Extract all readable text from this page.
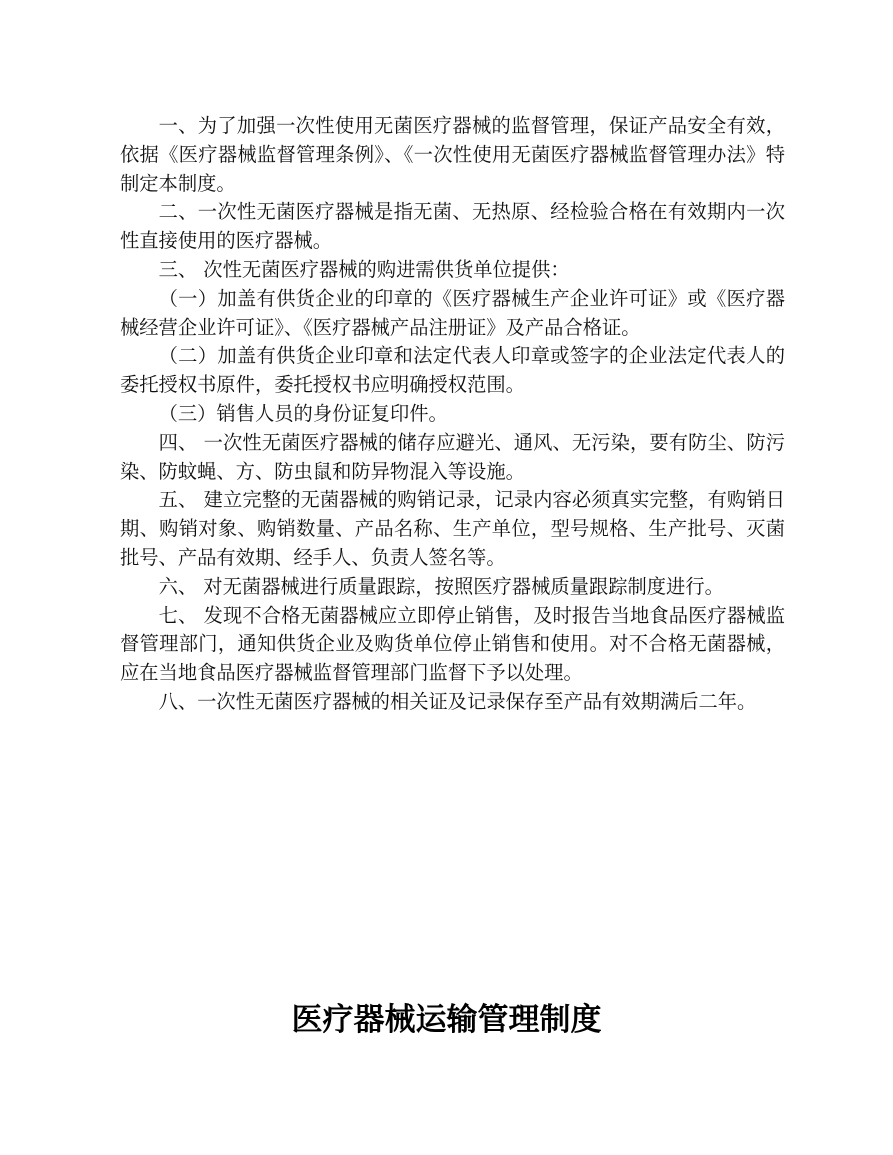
一、为了加强一次性使用无菌医疗器械的监督管理，保证产品安全有效，依据《医疗器械监督管理条例》、《一次性使用无菌医疗器械监督管理办法》特制定本制度。

二、一次性无菌医疗器械是指无菌、无热原、经检验合格在有效期内一次性直接使用的医疗器械。

三、 次性无菌医疗器械的购进需供货单位提供：

（一）加盖有供货企业的印章的《医疗器械生产企业许可证》或《医疗器械经营企业许可证》、《医疗器械产品注册证》及产品合格证。

（二）加盖有供货企业印章和法定代表人印章或签字的企业法定代表人的委托授权书原件，委托授权书应明确授权范围。

（三）销售人员的身份证复印件。

四、 一次性无菌医疗器械的储存应避光、通风、无污染，要有防尘、防污染、防蚊蝇、方、防虫鼠和防异物混入等设施。

五、 建立完整的无菌器械的购销记录，记录内容必须真实完整，有购销日期、购销对象、购销数量、产品名称、生产单位，型号规格、生产批号、灭菌批号、产品有效期、经手人、负责人签名等。

六、 对无菌器械进行质量跟踪，按照医疗器械质量跟踪制度进行。

七、 发现不合格无菌器械应立即停止销售，及时报告当地食品医疗器械监督管理部门，通知供货企业及购货单位停止销售和使用。对不合格无菌器械，应在当地食品医疗器械监督管理部门监督下予以处理。

八、一次性无菌医疗器械的相关证及记录保存至产品有效期满后二年。

医疗器械运输管理制度
